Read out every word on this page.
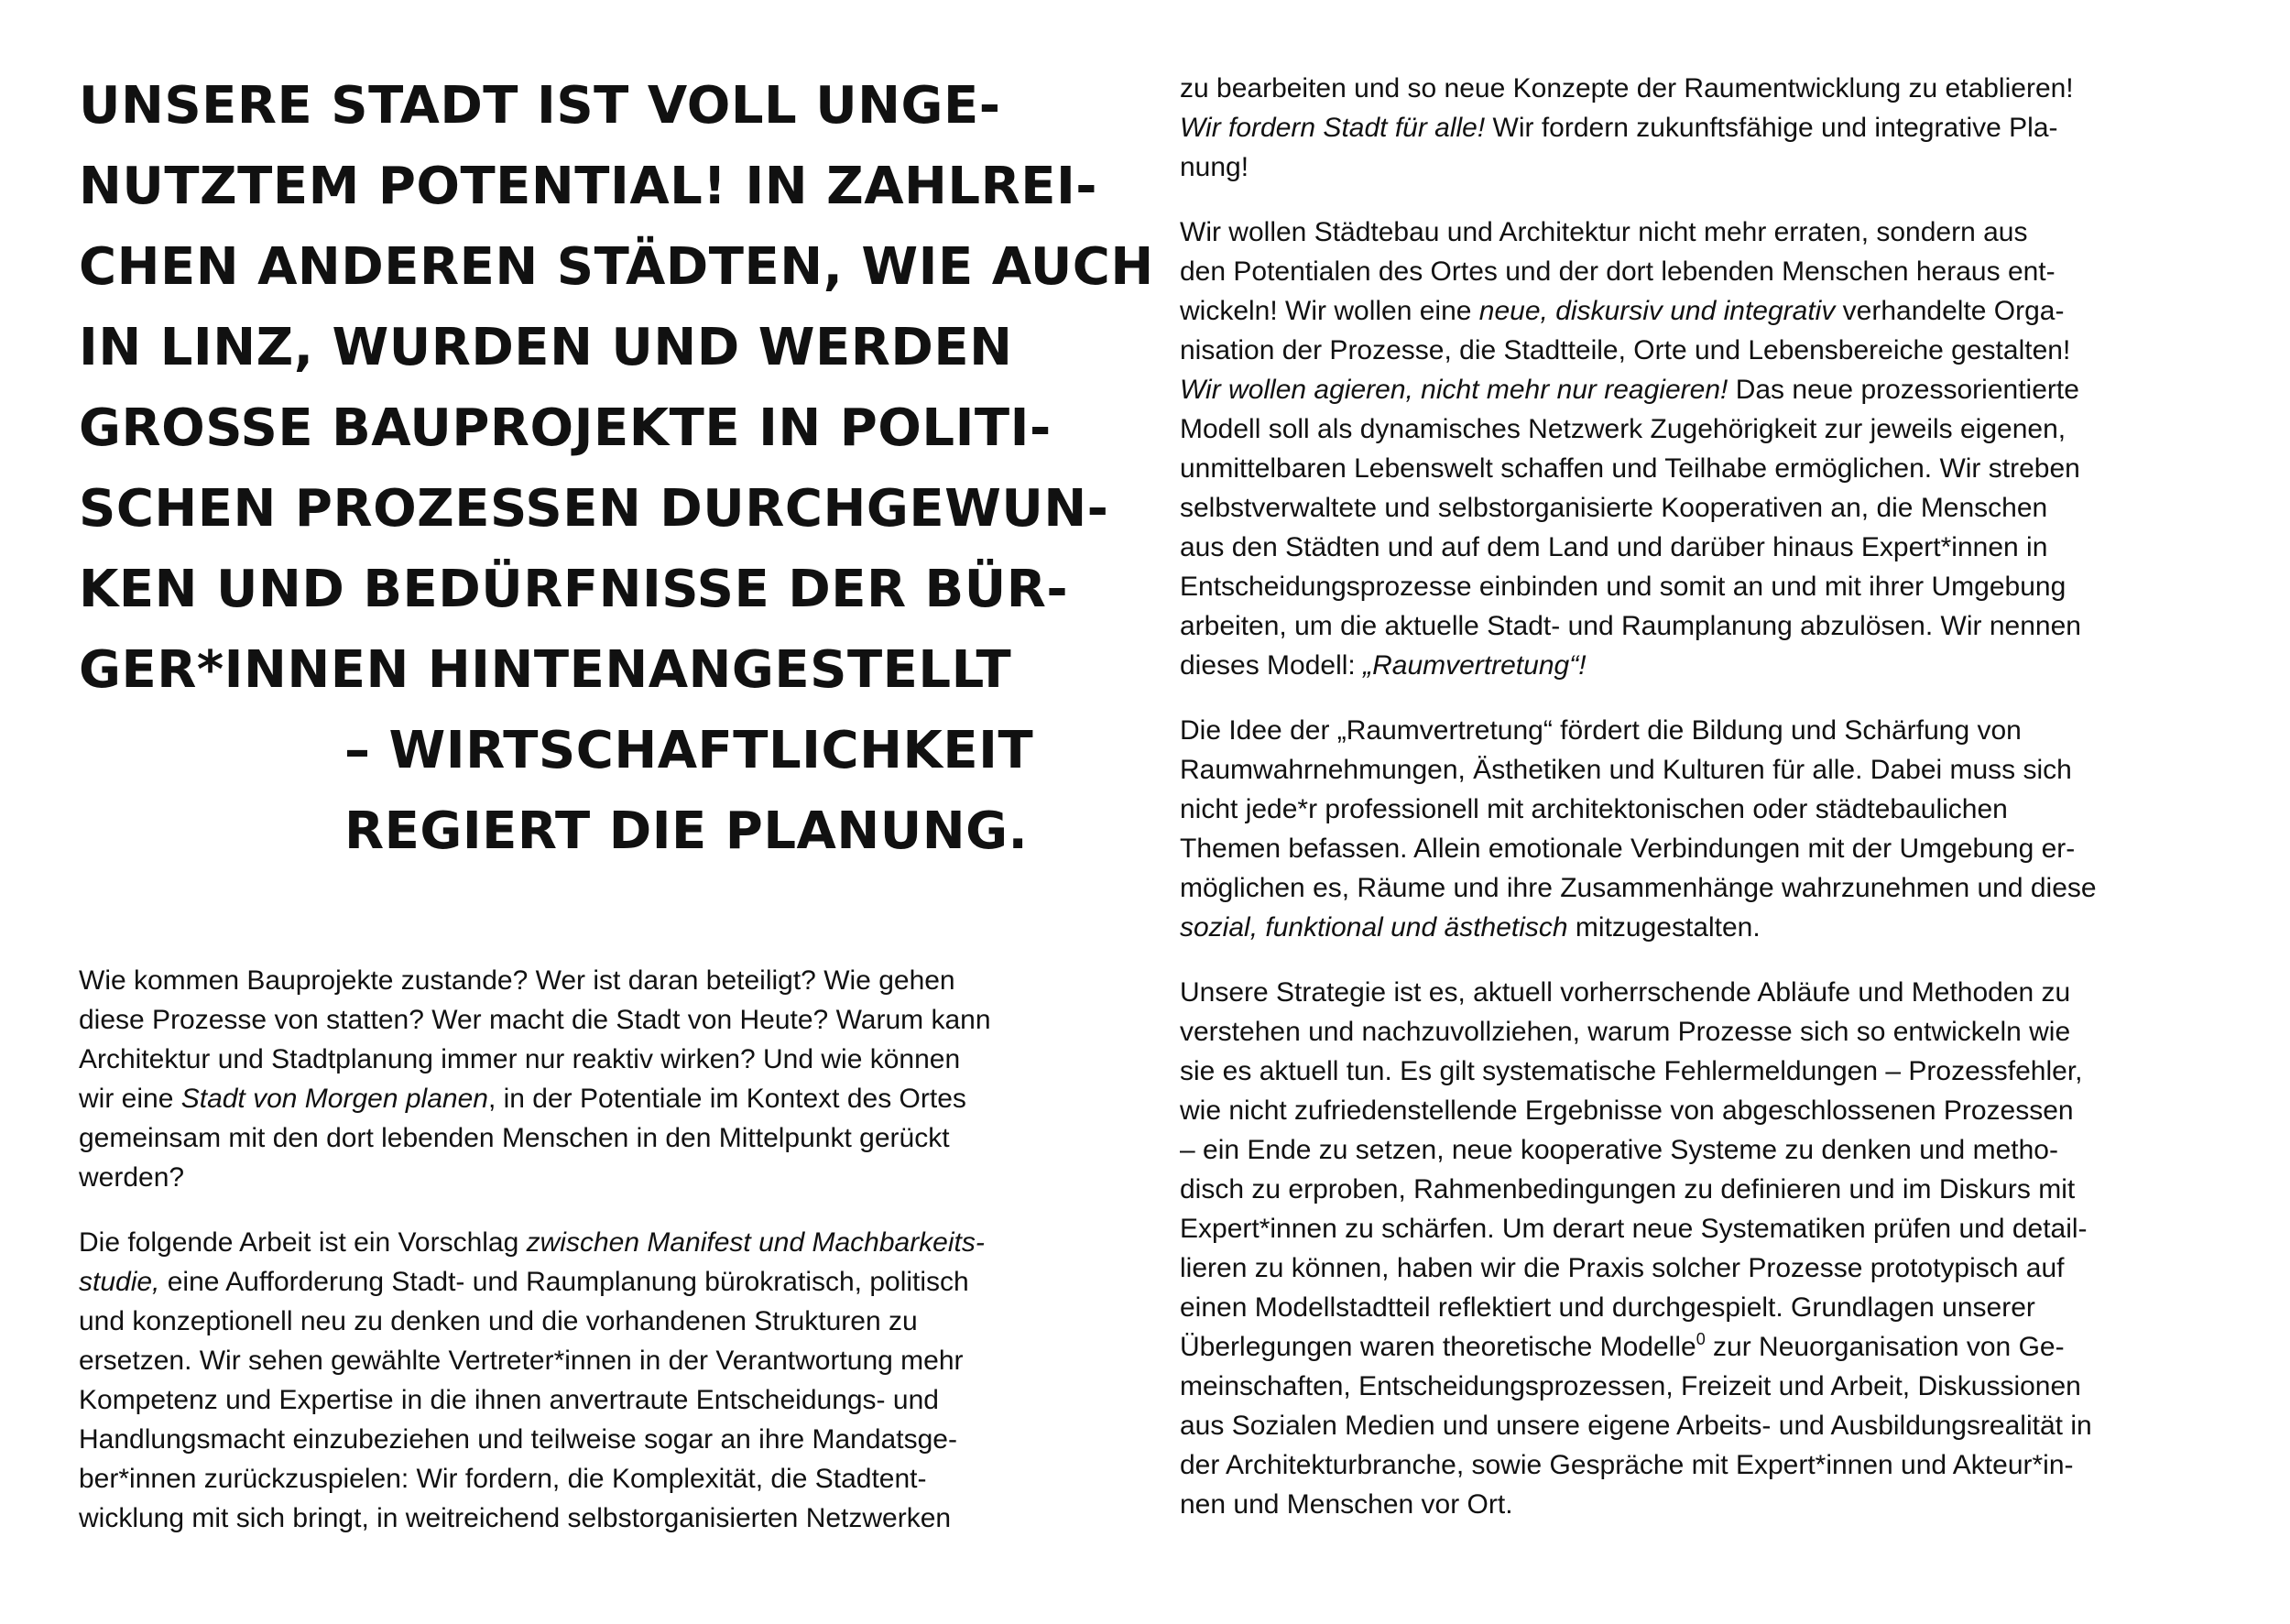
UNSERE STADT IST VOLL UNGE-
NUTZTEM POTENTIAL! IN ZAHLREI-
CHEN ANDEREN STÄDTEN, WIE AUCH
IN LINZ, WURDEN UND WERDEN
GROSSE BAUPROJEKTE IN POLITI-
SCHEN PROZESSEN DURCHGEWUN-
KEN UND BEDÜRFNISSE DER BÜR-
GER*INNEN HINTENANGESTELLT
– WIRTSCHAFTLICHKEIT
REGIERT DIE PLANUNG.

Wie kommen Bauprojekte zustande? Wer ist daran beteiligt? Wie gehen
diese Prozesse von statten? Wer macht die Stadt von Heute? Warum kann
Architektur und Stadtplanung immer nur reaktiv wirken? Und wie können
wir eine Stadt von Morgen planen, in der Potentiale im Kontext des Ortes
gemeinsam mit den dort lebenden Menschen in den Mittelpunkt gerückt
werden?

Die folgende Arbeit ist ein Vorschlag zwischen Manifest und Machbarkeits-
studie, eine Aufforderung Stadt- und Raumplanung bürokratisch, politisch
und konzeptionell neu zu denken und die vorhandenen Strukturen zu
ersetzen. Wir sehen gewählte Vertreter*innen in der Verantwortung mehr
Kompetenz und Expertise in die ihnen anvertraute Entscheidungs- und
Handlungsmacht einzubeziehen und teilweise sogar an ihre Mandatsge-
ber*innen zurückzuspielen: Wir fordern, die Komplexität, die Stadtent-
wicklung mit sich bringt, in weitreichend selbstorganisierten Netzwerken

zu bearbeiten und so neue Konzepte der Raumentwicklung zu etablieren!
Wir fordern Stadt für alle! Wir fordern zukunftsfähige und integrative Pla-
nung!

Wir wollen Städtebau und Architektur nicht mehr erraten, sondern aus
den Potentialen des Ortes und der dort lebenden Menschen heraus ent-
wickeln! Wir wollen eine neue, diskursiv und integrativ verhandelte Orga-
nisation der Prozesse, die Stadtteile, Orte und Lebensbereiche gestalten!
Wir wollen agieren, nicht mehr nur reagieren! Das neue prozessorientierte
Modell soll als dynamisches Netzwerk Zugehörigkeit zur jeweils eigenen,
unmittelbaren Lebenswelt schaffen und Teilhabe ermöglichen. Wir streben
selbstverwaltete und selbstorganisierte Kooperativen an, die Menschen
aus den Städten und auf dem Land und darüber hinaus Expert*innen in
Entscheidungsprozesse einbinden und somit an und mit ihrer Umgebung
arbeiten, um die aktuelle Stadt- und Raumplanung abzulösen. Wir nennen
dieses Modell: „Raumvertretung“!

Die Idee der „Raumvertretung“ fördert die Bildung und Schärfung von
Raumwahrnehmungen, Ästhetiken und Kulturen für alle. Dabei muss sich
nicht jede*r professionell mit architektonischen oder städtebaulichen
Themen befassen. Allein emotionale Verbindungen mit der Umgebung er-
möglichen es, Räume und ihre Zusammenhänge wahrzunehmen und diese
sozial, funktional und ästhetisch mitzugestalten.

Unsere Strategie ist es, aktuell vorherrschende Abläufe und Methoden zu
verstehen und nachzuvollziehen, warum Prozesse sich so entwickeln wie
sie es aktuell tun. Es gilt systematische Fehlermeldungen – Prozessfehler,
wie nicht zufriedenstellende Ergebnisse von abgeschlossenen Prozessen
– ein Ende zu setzen, neue kooperative Systeme zu denken und metho-
disch zu erproben, Rahmenbedingungen zu definieren und im Diskurs mit
Expert*innen zu schärfen. Um derart neue Systematiken prüfen und detail-
lieren zu können, haben wir die Praxis solcher Prozesse prototypisch auf
einen Modellstadtteil reflektiert und durchgespielt. Grundlagen unserer
Überlegungen waren theoretische Modelle$^0$ zur Neuorganisation von Ge-
meinschaften, Entscheidungsprozessen, Freizeit und Arbeit, Diskussionen
aus Sozialen Medien und unsere eigene Arbeits- und Ausbildungsrealität in
der Architekturbranche, sowie Gespräche mit Expert*innen und Akteur*in-
nen und Menschen vor Ort.
